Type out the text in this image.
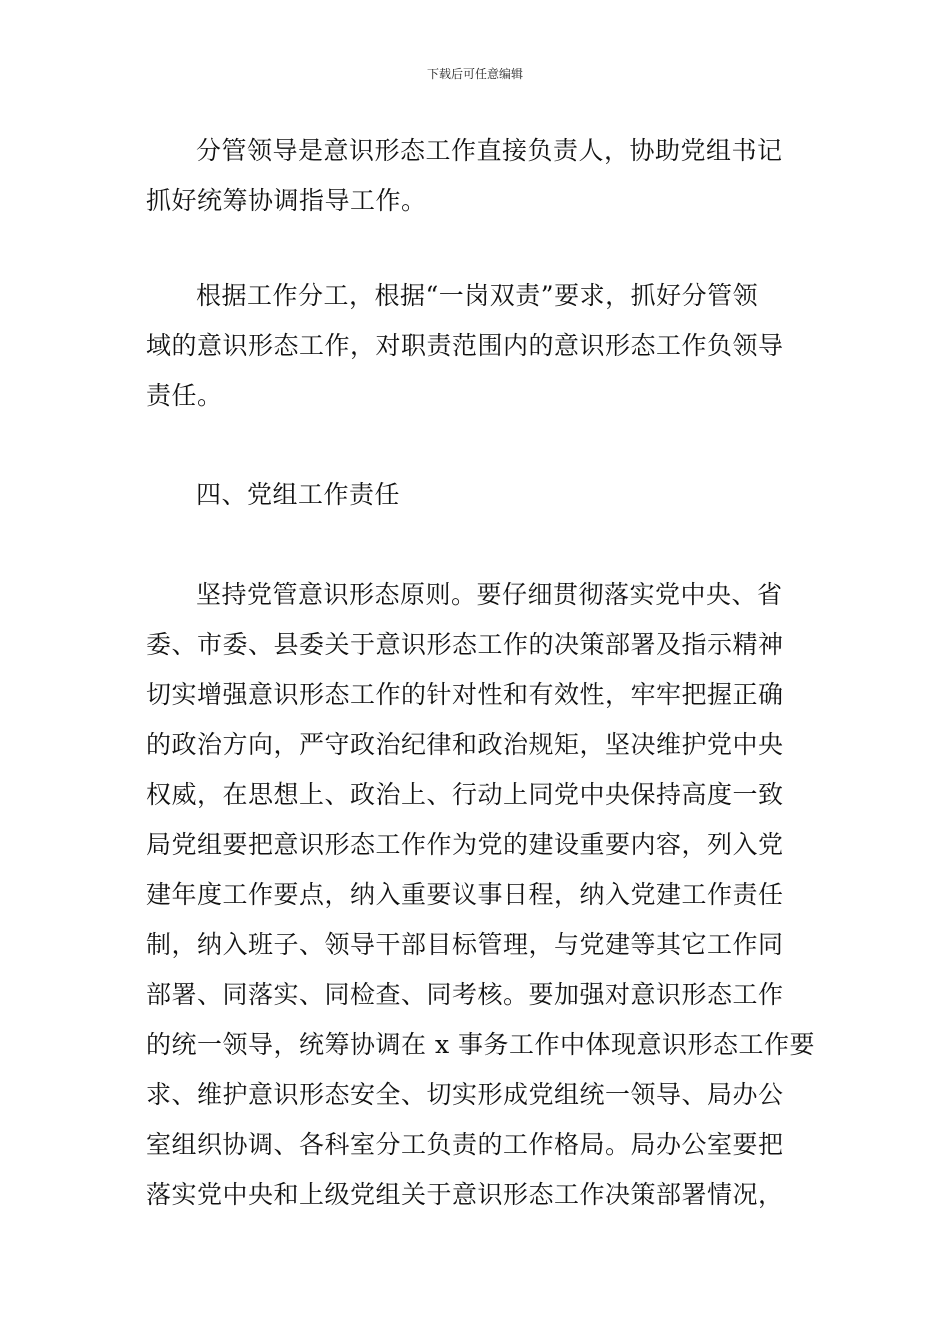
下载后可任意编辑

分管领导是意识形态工作直接负责人，协助党组书记
抓好统筹协调指导工作。

根据工作分工，根据“一岗双责”要求，抓好分管领
域的意识形态工作，对职责范围内的意识形态工作负领导
责任。

四、党组工作责任

坚持党管意识形态原则。要仔细贯彻落实党中央、省
委、市委、县委关于意识形态工作的决策部署及指示精神
切实增强意识形态工作的针对性和有效性，牢牢把握正确
的政治方向，严守政治纪律和政治规矩，坚决维护党中央
权威，在思想上、政治上、行动上同党中央保持高度一致
局党组要把意识形态工作作为党的建设重要内容，列入党
建年度工作要点，纳入重要议事日程，纳入党建工作责任
制，纳入班子、领导干部目标管理，与党建等其它工作同
部署、同落实、同检查、同考核。要加强对意识形态工作
的统一领导，统筹协调在 x 事务工作中体现意识形态工作要
求、维护意识形态安全、切实形成党组统一领导、局办公
室组织协调、各科室分工负责的工作格局。局办公室要把
落实党中央和上级党组关于意识形态工作决策部署情况，
